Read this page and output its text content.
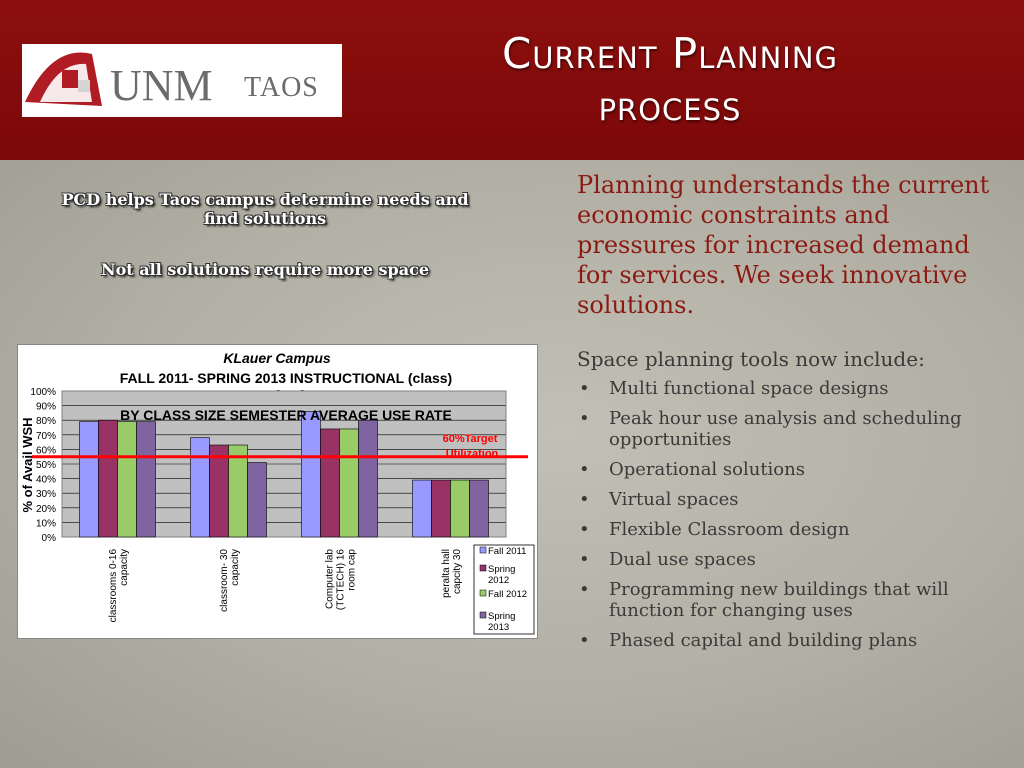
UNM TAOS
Current Planning
process

PCD helps Taos campus determine needs and find solutions

Not all solutions require more space

Planning understands the current economic constraints and pressures for increased demand for services. We seek innovative solutions.
Space planning tools now include:
• Multi functional space designs
• Peak hour use analysis and scheduling opportunities
• Operational solutions
• Virtual spaces
• Flexible Classroom design
• Dual use spaces
• Programming new buildings that will function for changing uses
• Phased capital and building plans
KLauer Campus
FALL 2011- SPRING 2013 INSTRUCTIONAL (class)
0%
10%
20%
30%
40%
50%
60%
70%
80%
90%
100%
classrooms 0-16 capacity	classroom- 30 capacity	Computer lab (TCTECH) 16 room cap	peralta hall capcity 30
60%Target
Utilization
Fall 2011
Spring
2012
Fall 2012
Spring
2013
BY CLASS SIZE SEMESTER AVERAGE USE RATE
% of Avail WSH
